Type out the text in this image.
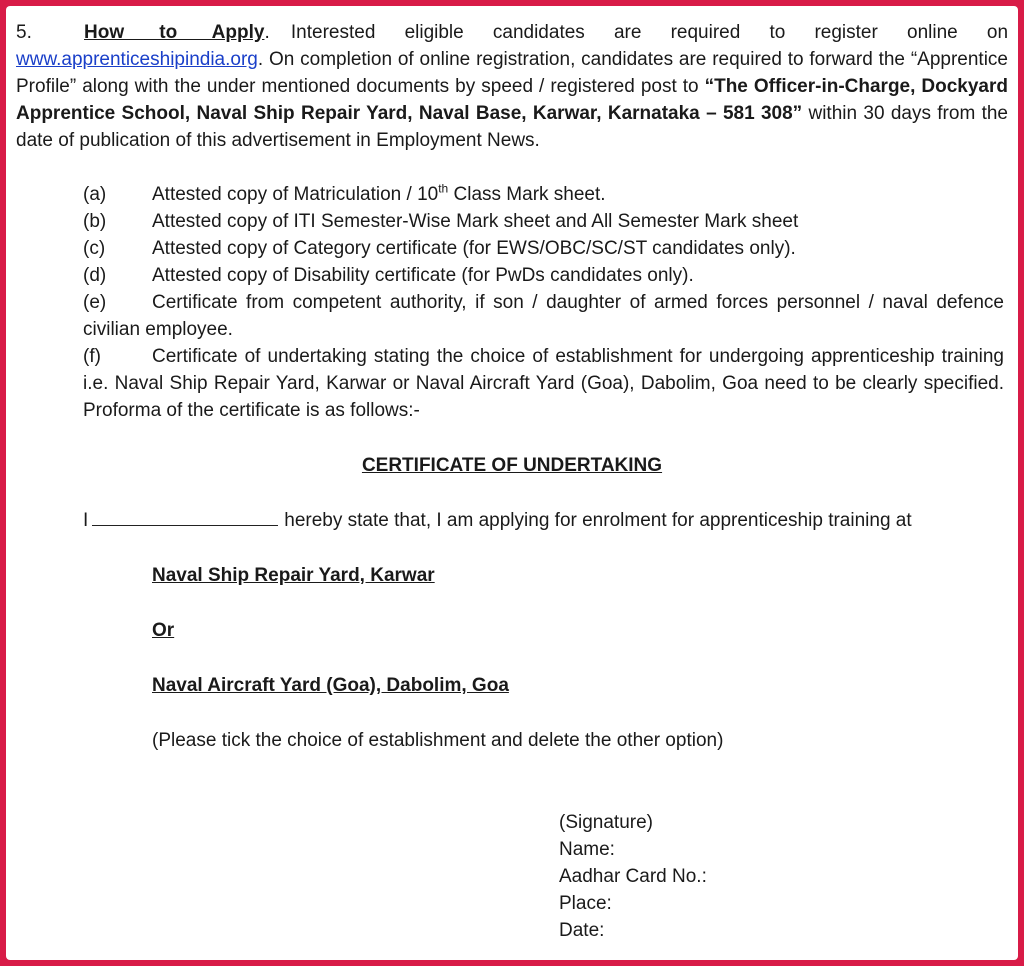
5.	How to Apply. Interested eligible candidates are required to register online on www.apprenticeshipindia.org. On completion of online registration, candidates are required to forward the “Apprentice Profile” along with the under mentioned documents by speed / registered post to “The Officer-in-Charge, Dockyard Apprentice School, Naval Ship Repair Yard, Naval Base, Karwar, Karnataka – 581 308” within 30 days from the date of publication of this advertisement in Employment News.

(a) Attested copy of Matriculation / 10th Class Mark sheet.

(b) Attested copy of ITI Semester-Wise Mark sheet and All Semester Mark sheet

(c) Attested copy of Category certificate (for EWS/OBC/SC/ST candidates only).

(d) Attested copy of Disability certificate (for PwDs candidates only).

(e) Certificate from competent authority, if son / daughter of armed forces personnel / naval defence civilian employee.

(f)	Certificate of undertaking stating the choice of establishment for undergoing apprenticeship training i.e. Naval Ship Repair Yard, Karwar or Naval Aircraft Yard (Goa), Dabolim, Goa need to be clearly specified. Proforma of the certificate is as follows:-

CERTIFICATE OF UNDERTAKING
I	hereby state that, I am applying for enrolment for apprenticeship training at
Naval Ship Repair Yard, Karwar
Or
Naval Aircraft Yard (Goa), Dabolim, Goa
(Please tick the choice of establishment and delete the other option)
(Signature)
Name:
Aadhar Card No.:
Place:
Date:
